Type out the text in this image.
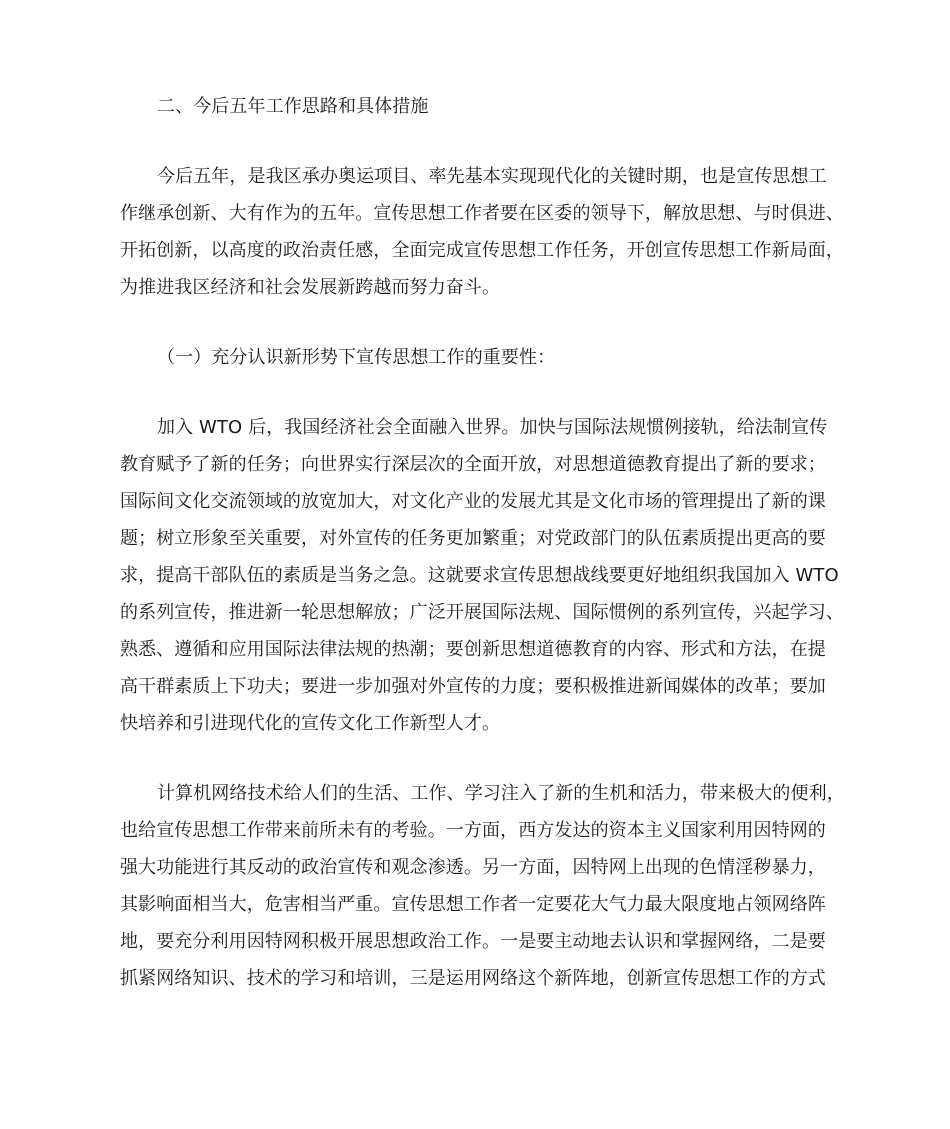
二、今后五年工作思路和具体措施
今后五年，是我区承办奥运项目、率先基本实现现代化的关键时期，也是宣传思想工
作继承创新、大有作为的五年。宣传思想工作者要在区委的领导下，解放思想、与时俱进、
开拓创新，以高度的政治责任感，全面完成宣传思想工作任务，开创宣传思想工作新局面，
为推进我区经济和社会发展新跨越而努力奋斗。
（一）充分认识新形势下宣传思想工作的重要性：
加入 WTO 后，我国经济社会全面融入世界。加快与国际法规惯例接轨，给法制宣传
教育赋予了新的任务；向世界实行深层次的全面开放，对思想道德教育提出了新的要求；
国际间文化交流领域的放宽加大，对文化产业的发展尤其是文化市场的管理提出了新的课
题；树立形象至关重要，对外宣传的任务更加繁重；对党政部门的队伍素质提出更高的要
求，提高干部队伍的素质是当务之急。这就要求宣传思想战线要更好地组织我国加入 WTO
的系列宣传，推进新一轮思想解放；广泛开展国际法规、国际惯例的系列宣传，兴起学习、
熟悉、遵循和应用国际法律法规的热潮；要创新思想道德教育的内容、形式和方法，在提
高干群素质上下功夫；要进一步加强对外宣传的力度；要积极推进新闻媒体的改革；要加
快培养和引进现代化的宣传文化工作新型人才。
计算机网络技术给人们的生活、工作、学习注入了新的生机和活力，带来极大的便利，
也给宣传思想工作带来前所未有的考验。一方面，西方发达的资本主义国家利用因特网的
强大功能进行其反动的政治宣传和观念渗透。另一方面，因特网上出现的色情淫秽暴力，
其影响面相当大，危害相当严重。宣传思想工作者一定要花大气力最大限度地占领网络阵
地，要充分利用因特网积极开展思想政治工作。一是要主动地去认识和掌握网络，二是要
抓紧网络知识、技术的学习和培训，三是运用网络这个新阵地，创新宣传思想工作的方式
